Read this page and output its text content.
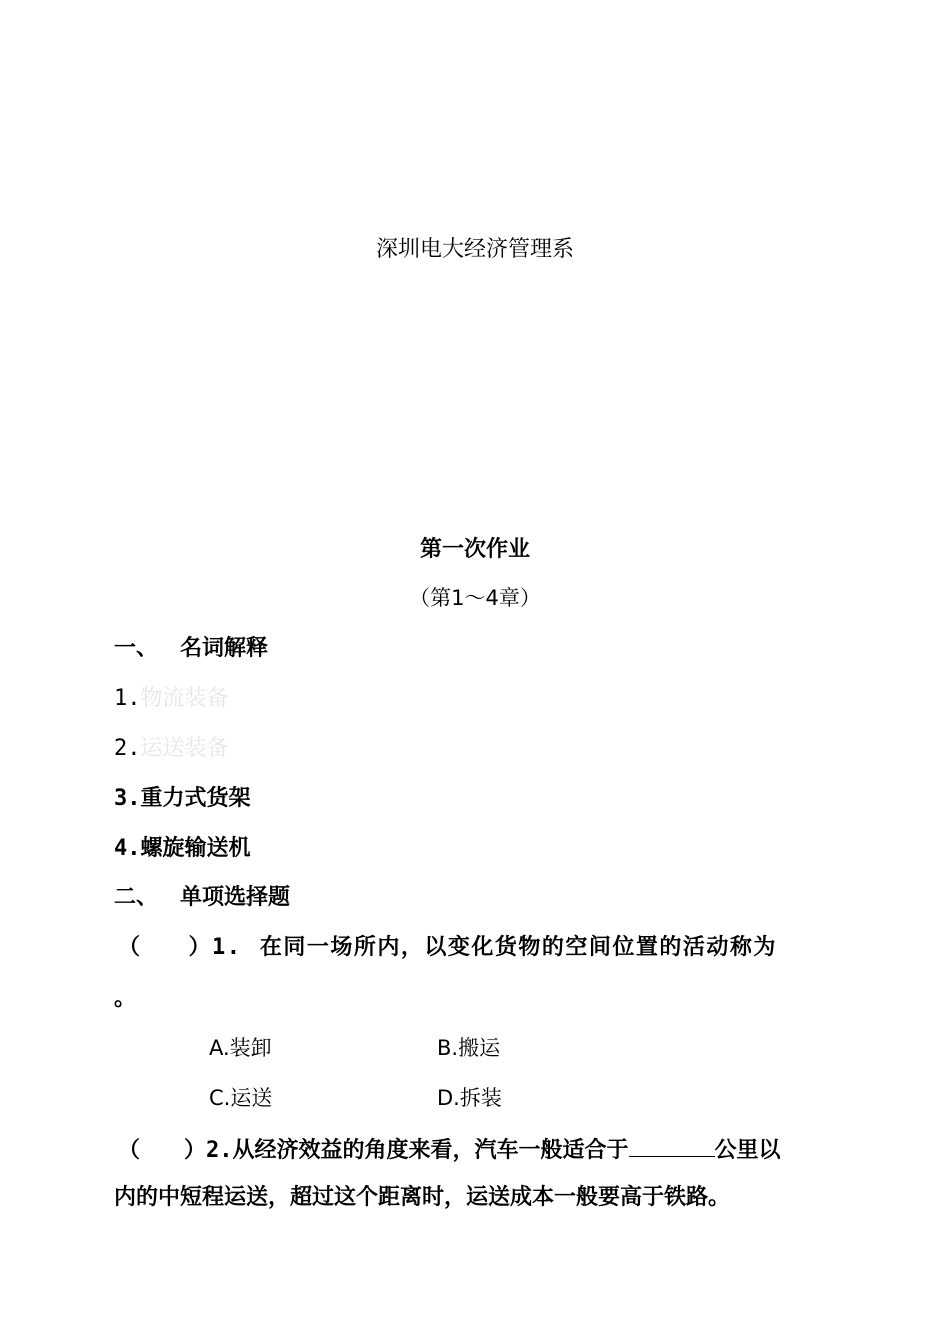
深圳电大经济管理系
第一次作业
（第1～4章）
一、 名词解释
1.物流装备
2.运送装备
3.重力式货架
4.螺旋输送机
二、 单项选择题
（　　）1. 在同一场所内，以变化货物的空间位置的活动称为
。
A.装卸	B.搬运
C.运送	D.拆装
（　　）2.从经济效益的角度来看，汽车一般适合于	公里以
内的中短程运送，超过这个距离时，运送成本一般要高于铁路。
